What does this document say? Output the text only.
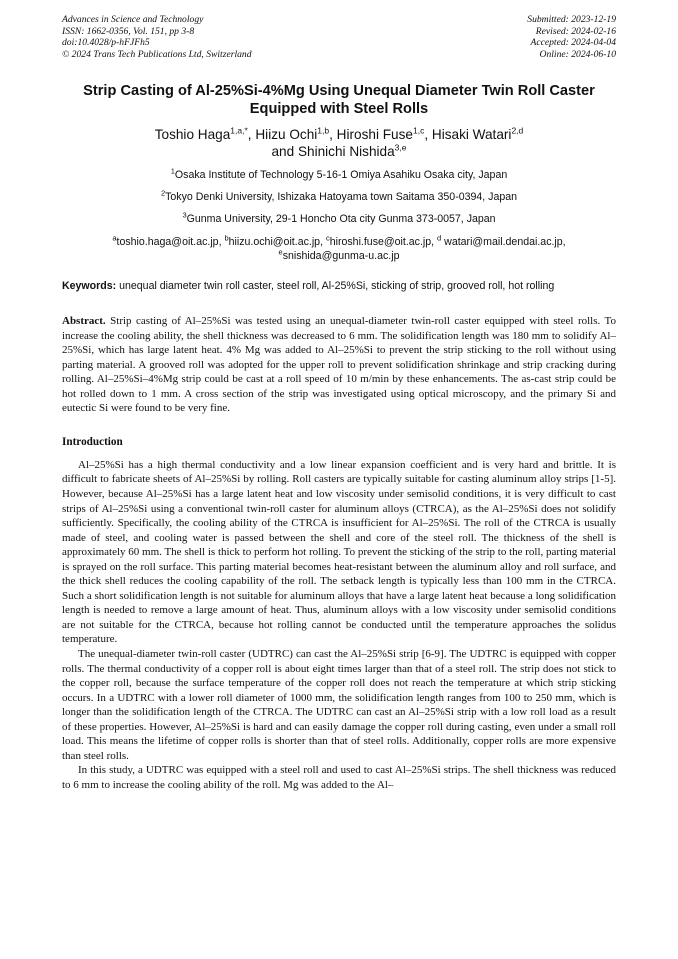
Advances in Science and Technology
ISSN: 1662-0356, Vol. 151, pp 3-8
doi:10.4028/p-hFJFh5
© 2024 Trans Tech Publications Ltd, Switzerland
Submitted: 2023-12-19
Revised: 2024-02-16
Accepted: 2024-04-04
Online: 2024-06-10
Strip Casting of Al-25%Si-4%Mg Using Unequal Diameter Twin Roll Caster Equipped with Steel Rolls
Toshio Haga$^{1,a,*}$, Hiizu Ochi$^{1,b}$, Hiroshi Fuse$^{1,c}$, Hisaki Watari$^{2,d}$
and Shinichi Nishida$^{3,e}$
$^1$Osaka Institute of Technology 5-16-1 Omiya Asahiku Osaka city, Japan
$^2$Tokyo Denki University, Ishizaka Hatoyama town Saitama 350-0394, Japan
$^3$Gunma University, 29-1 Honcho Ota city Gunma 373-0057, Japan
$^a$toshio.haga@oit.ac.jp, $^b$hiizu.ochi@oit.ac.jp, $^c$hiroshi.fuse@oit.ac.jp, $^d$ watari@mail.dendai.ac.jp,
$^e$snishida@gunma-u.ac.jp
Keywords: unequal diameter twin roll caster, steel roll, Al-25%Si, sticking of strip, grooved roll, hot rolling
Abstract. Strip casting of Al–25%Si was tested using an unequal-diameter twin-roll caster equipped with steel rolls. To increase the cooling ability, the shell thickness was decreased to 6 mm. The solidification length was 180 mm to solidify Al–25%Si, which has large latent heat. 4% Mg was added to Al–25%Si to prevent the strip sticking to the roll without using parting material. A grooved roll was adopted for the upper roll to prevent solidification shrinkage and strip cracking during rolling. Al–25%Si–4%Mg strip could be cast at a roll speed of 10 m/min by these enhancements. The as-cast strip could be hot rolled down to 1 mm. A cross section of the strip was investigated using optical microscopy, and the primary Si and eutectic Si were found to be very fine.
Introduction

Al–25%Si has a high thermal conductivity and a low linear expansion coefficient and is very hard and brittle. It is difficult to fabricate sheets of Al–25%Si by rolling. Roll casters are typically suitable for casting aluminum alloy strips [1-5]. However, because Al–25%Si has a large latent heat and low viscosity under semisolid conditions, it is very difficult to cast strips of Al–25%Si using a conventional twin-roll caster for aluminum alloys (CTRCA), as the Al–25%Si does not solidify sufficiently. Specifically, the cooling ability of the CTRCA is insufficient for Al–25%Si. The roll of the CTRCA is usually made of steel, and cooling water is passed between the shell and core of the steel roll. The thickness of the shell is approximately 60 mm. The shell is thick to perform hot rolling. To prevent the sticking of the strip to the roll, parting material is sprayed on the roll surface. This parting material becomes heat-resistant between the aluminum alloy and roll surface, and the thick shell reduces the cooling capability of the roll. The setback length is typically less than 100 mm in the CTRCA. Such a short solidification length is not suitable for aluminum alloys that have a large latent heat because a long solidification length is needed to remove a large amount of heat. Thus, aluminum alloys with a low viscosity under semisolid conditions are not suitable for the CTRCA, because hot rolling cannot be conducted until the temperature approaches the solidus temperature.

The unequal-diameter twin-roll caster (UDTRC) can cast the Al–25%Si strip [6-9]. The UDTRC is equipped with copper rolls. The thermal conductivity of a copper roll is about eight times larger than that of a steel roll. The strip does not stick to the copper roll, because the surface temperature of the copper roll does not reach the temperature at which strip sticking occurs. In a UDTRC with a lower roll diameter of 1000 mm, the solidification length ranges from 100 to 250 mm, which is longer than the solidification length of the CTRCA. The UDTRC can cast an Al–25%Si strip with a low roll load as a result of these properties. However, Al–25%Si is hard and can easily damage the copper roll during casting, even under a small roll load. This means the lifetime of copper rolls is shorter than that of steel rolls. Additionally, copper rolls are more expensive than steel rolls.

In this study, a UDTRC was equipped with a steel roll and used to cast Al–25%Si strips. The shell thickness was reduced to 6 mm to increase the cooling ability of the roll. Mg was added to the Al–
